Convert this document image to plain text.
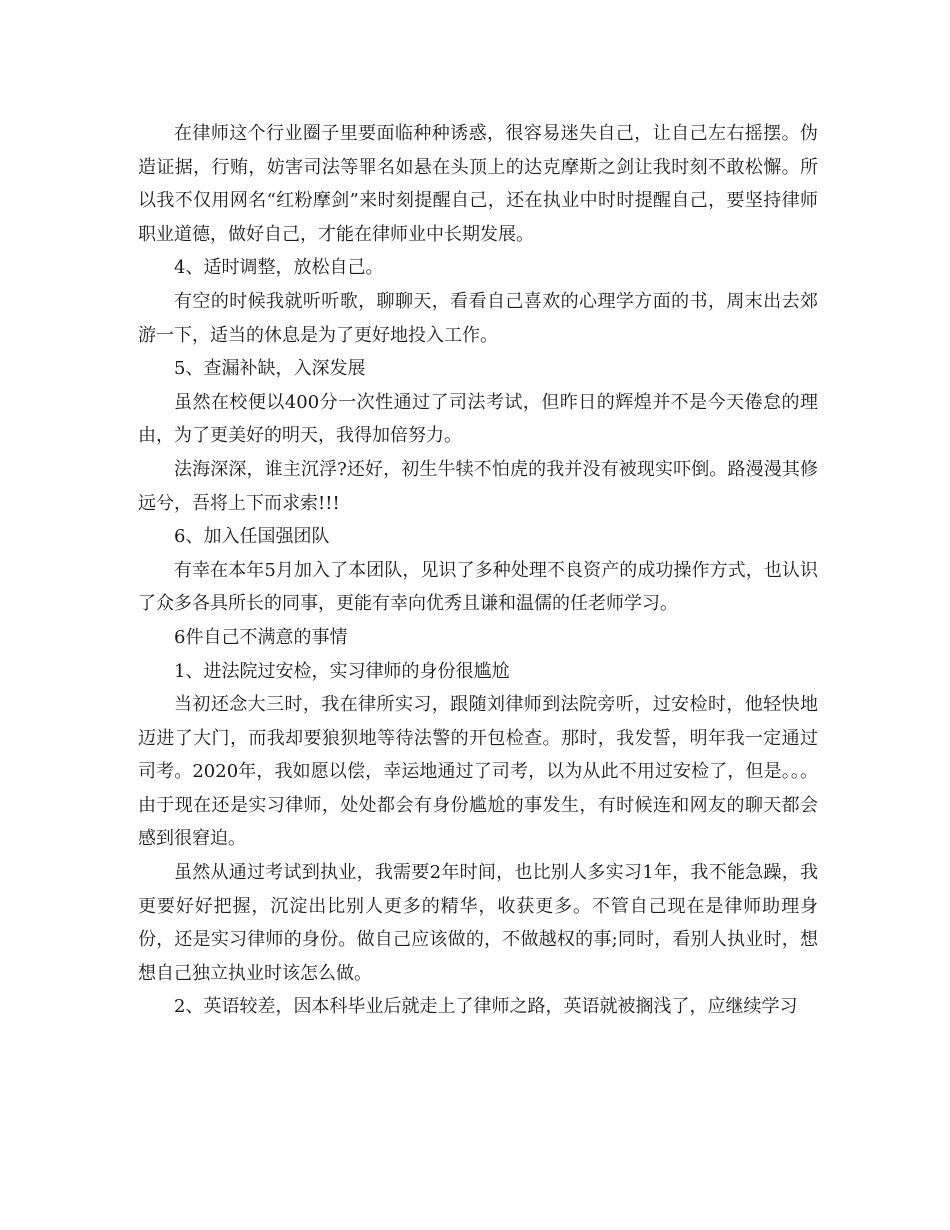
在律师这个行业圈子里要面临种种诱惑，很容易迷失自己，让自己左右摇摆。伪造证据，行贿，妨害司法等罪名如悬在头顶上的达克摩斯之剑让我时刻不敢松懈。所以我不仅用网名“红粉摩剑”来时刻提醒自己，还在执业中时时提醒自己，要坚持律师职业道德，做好自己，才能在律师业中长期发展。

4、适时调整，放松自己。

有空的时候我就听听歌，聊聊天，看看自己喜欢的心理学方面的书，周末出去郊游一下，适当的休息是为了更好地投入工作。

5、查漏补缺，入深发展

虽然在校便以400分一次性通过了司法考试，但昨日的辉煌并不是今天倦怠的理由，为了更美好的明天，我得加倍努力。

法海深深，谁主沉浮?还好，初生牛犊不怕虎的我并没有被现实吓倒。路漫漫其修远兮，吾将上下而求索!!!

6、加入任国强团队

有幸在本年5月加入了本团队，见识了多种处理不良资产的成功操作方式，也认识了众多各具所长的同事，更能有幸向优秀且谦和温儒的任老师学习。

6件自己不满意的事情

1、进法院过安检，实习律师的身份很尴尬

当初还念大三时，我在律所实习，跟随刘律师到法院旁听，过安检时，他轻快地迈进了大门，而我却要狼狈地等待法警的开包检查。那时，我发誓，明年我一定通过司考。2020年，我如愿以偿，幸运地通过了司考，以为从此不用过安检了，但是。。。由于现在还是实习律师，处处都会有身份尴尬的事发生，有时候连和网友的聊天都会感到很窘迫。

虽然从通过考试到执业，我需要2年时间，也比别人多实习1年，我不能急躁，我更要好好把握，沉淀出比别人更多的精华，收获更多。不管自己现在是律师助理身份，还是实习律师的身份。做自己应该做的，不做越权的事;同时，看别人执业时，想想自己独立执业时该怎么做。

2、英语较差，因本科毕业后就走上了律师之路，英语就被搁浅了，应继续学习
